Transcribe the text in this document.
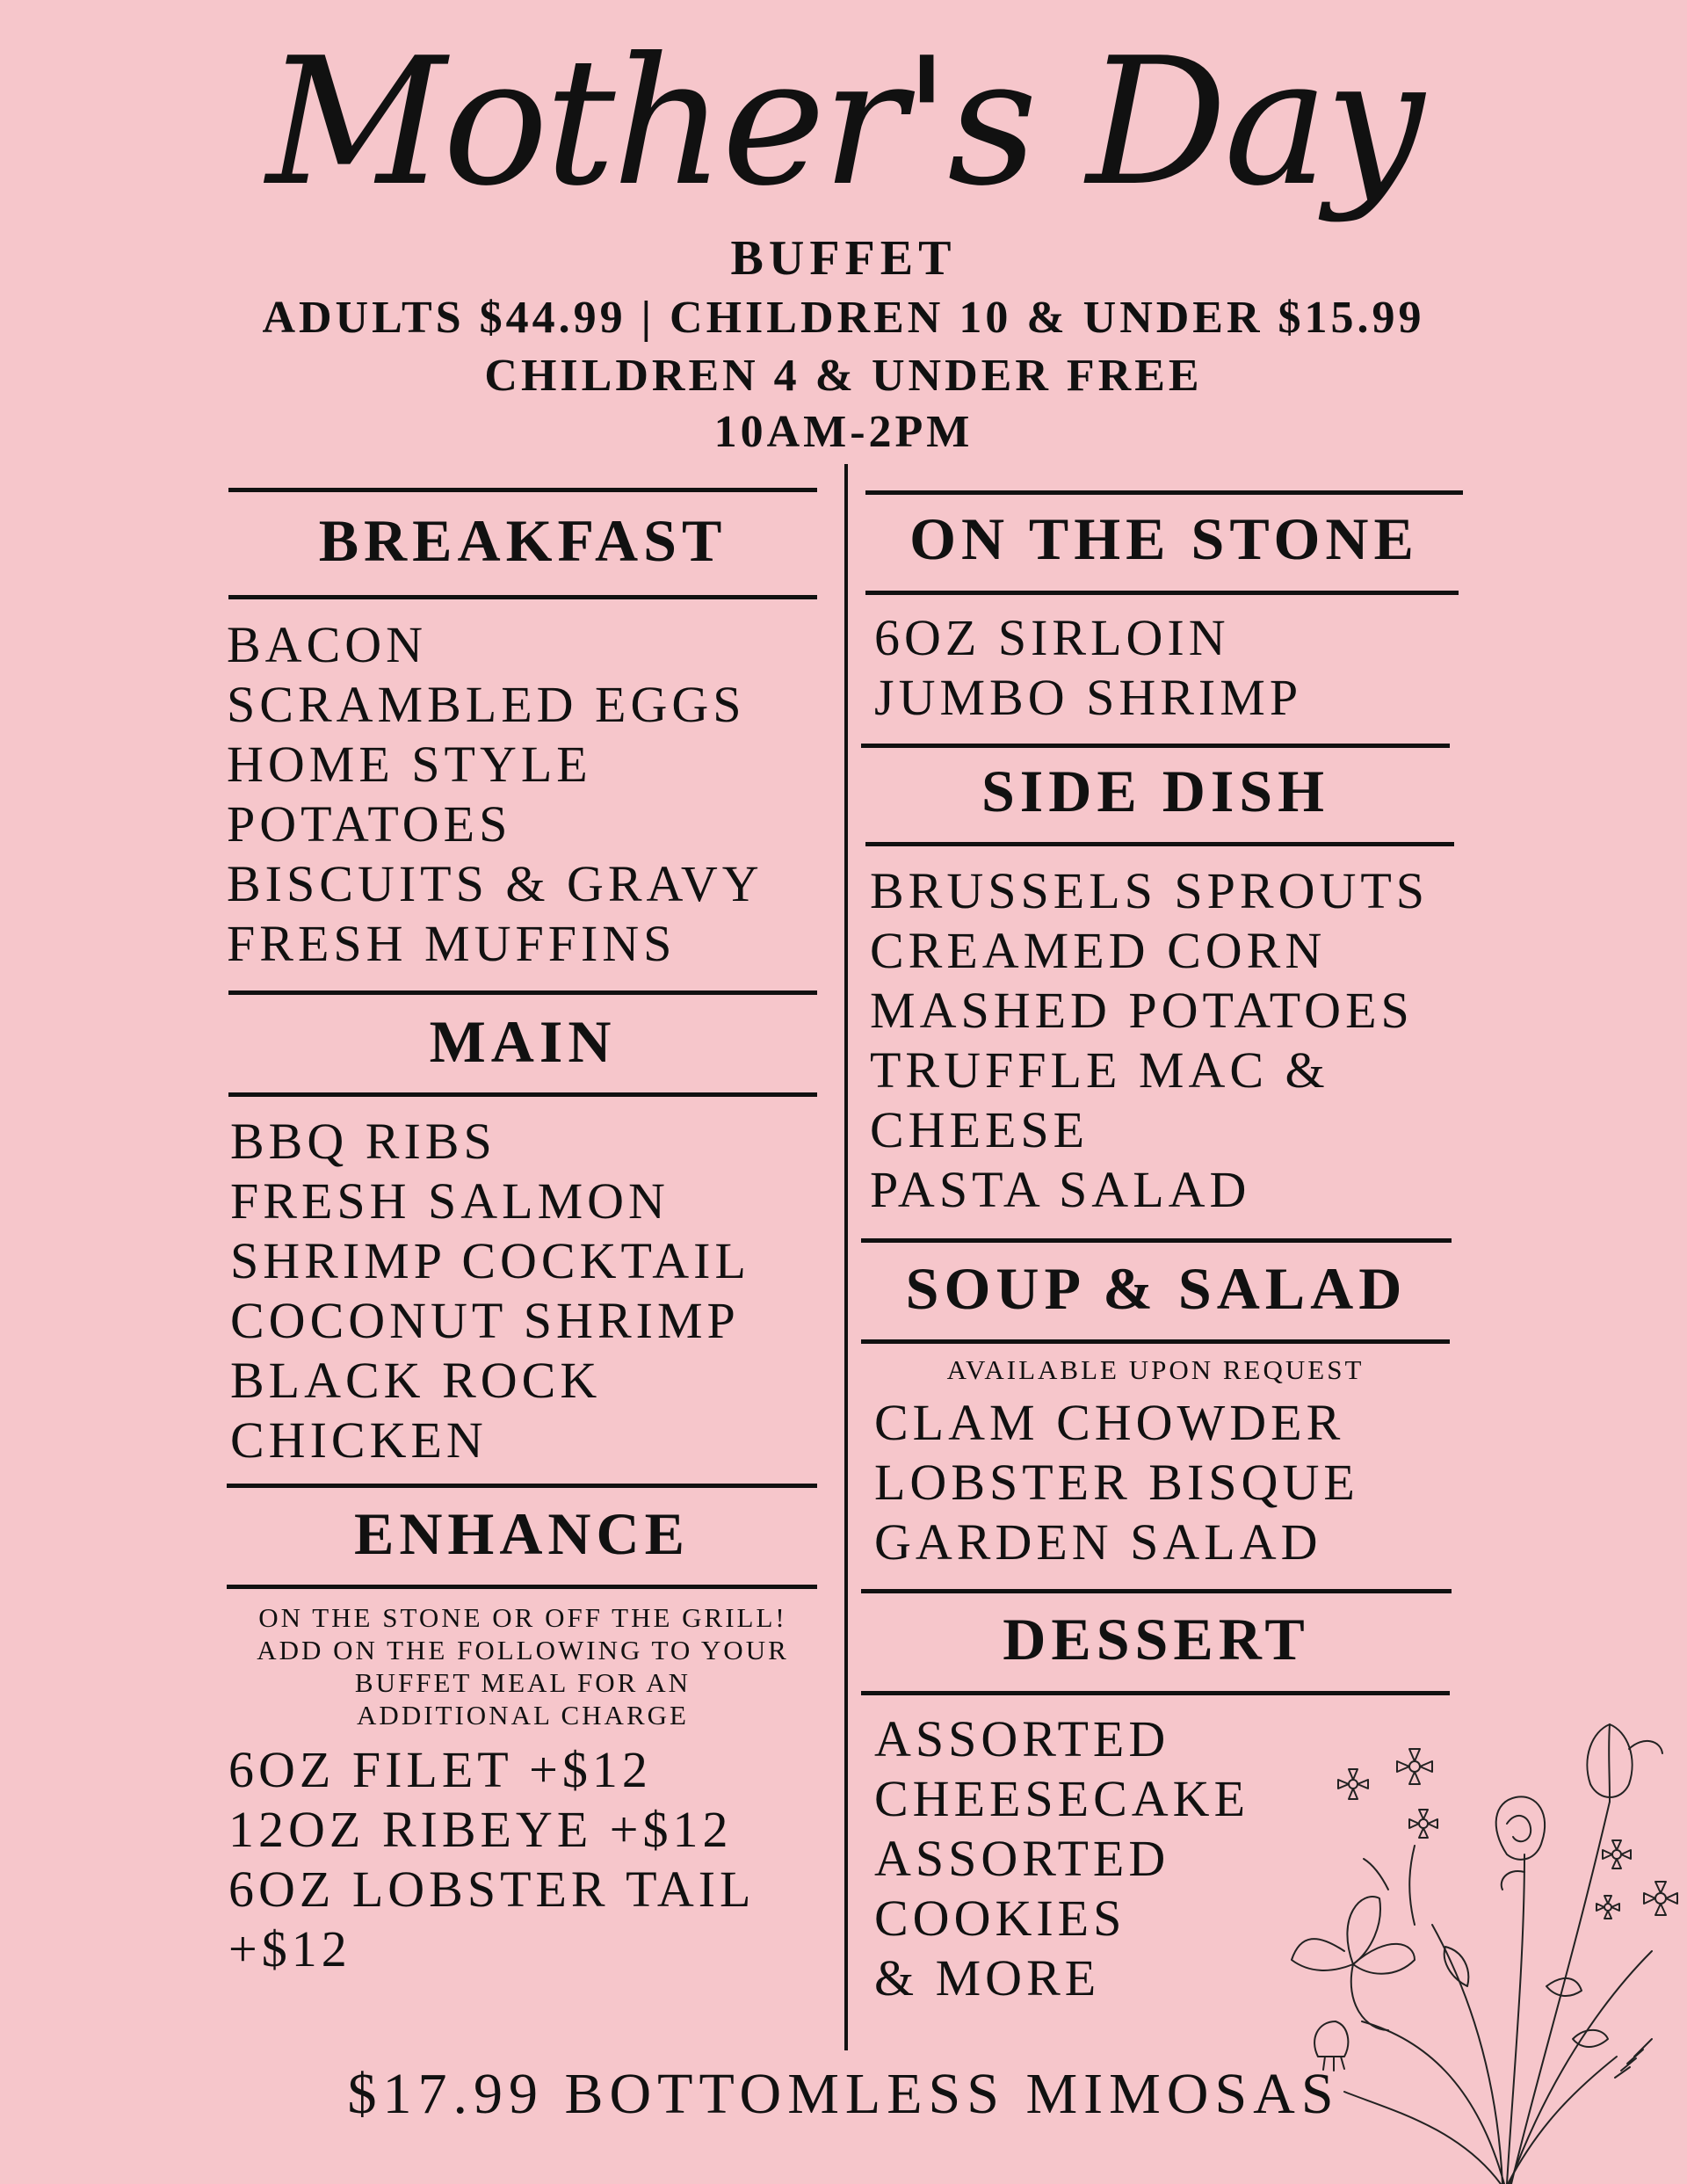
Mother's Day
BUFFET
ADULTS $44.99 | CHILDREN 10 & UNDER $15.99
CHILDREN 4 & UNDER FREE
10AM-2PM
BREAKFAST
BACON
SCRAMBLED EGGS
HOME STYLE
POTATOES
BISCUITS & GRAVY
FRESH MUFFINS
MAIN
BBQ RIBS
FRESH SALMON
SHRIMP COCKTAIL
COCONUT SHRIMP
BLACK ROCK
CHICKEN
ENHANCE
ON THE STONE OR OFF THE GRILL!
ADD ON THE FOLLOWING TO YOUR
BUFFET MEAL FOR AN
ADDITIONAL CHARGE
6OZ FILET +$12
12OZ RIBEYE +$12
6OZ LOBSTER TAIL
+$12
ON THE STONE
6OZ SIRLOIN
JUMBO SHRIMP
SIDE DISH
BRUSSELS SPROUTS
CREAMED CORN
MASHED POTATOES
TRUFFLE MAC &
CHEESE
PASTA SALAD
SOUP & SALAD
AVAILABLE UPON REQUEST
CLAM CHOWDER
LOBSTER BISQUE
GARDEN SALAD
DESSERT
ASSORTED
CHEESECAKE
ASSORTED
COOKIES
& MORE
$17.99 BOTTOMLESS MIMOSAS
